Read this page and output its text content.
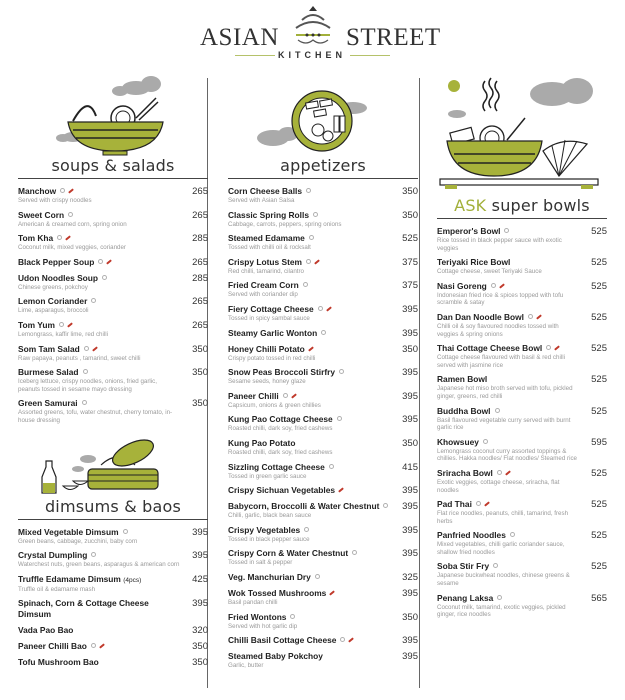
ASIAN	STREET
KITCHEN
soups & salads
Manchow	265
Served with crispy noodles
Sweet Corn	265
American & creamed corn, spring onion
Tom Kha	285
Coconut milk, mixed veggies, coriander
Black Pepper Soup	265
Udon Noodles Soup	285
Chinese greens, pokchoy
Lemon Coriander	265
Lime, asparagus, broccoli
Tom Yum	265
Lemongrass, kaffir lime, red chilli
Som Tam Salad	350
Raw papaya, peanuts , tamarind, sweet chilli
Burmese Salad	350
Iceberg lettuce, crispy noodles, onions, fried garlic, peanuts tossed in sesame mayo dressing
Green Samurai	350
Assorted greens, tofu, water chestnut, cherry tomato, in-house dressing
dimsums & baos
Mixed Vegetable Dimsum	395
Green beans, cabbage, zucchini, baby corn
Crystal Dumpling	395
Waterchest nuts, green beans, asparagus & american corn
Truffle Edamame Dimsum (4pcs)	425
Truffle oil & edamame mash
Spinach, Corn & Cottage Cheese Dimsum
395
Vada Pao Bao	320
Paneer Chilli Bao	350
Tofu Mushroom Bao	350
appetizers
Corn Cheese Balls	350
Served with Asian Salsa
Classic Spring Rolls	350
Cabbage, carrots, peppers, spring onions
Steamed Edamame	525
Tossed with chilli oil & rocksalt
Crispy Lotus Stem	375
Red chilli, tamarind, cilantro
Fried Cream Corn	375
Served with coriander dip
Fiery Cottage Cheese	395
Tossed in spicy sambal sauce
Steamy Garlic Wonton	395
Honey Chilli Potato	350
Crispy potato tossed in red chilli
Snow Peas Broccoli Stirfry	395
Sesame seeds, honey glaze
Paneer Chilli	395
Capsicum, onions & green chillies
Kung Pao Cottage Cheese	395
Roasted chilli, dark soy, fried cashews
Kung Pao Potato	350
Roasted chilli, dark soy, fried cashews
Sizzling Cottage Cheese	415
Tossed in green garlic sauce
Crispy Sichuan Vegetables	395
Babycorn, Broccolli & Water Chestnut	395
Chilli, garlic, black bean sauce
Crispy Vegetables	395
Tossed in black pepper sauce
Crispy Corn & Water Chestnut	395
Tossed in salt & pepper
Veg. Manchurian Dry	325
Wok Tossed Mushrooms	395
Basil pandan chilli
Fried Wontons	350
Served with hot garlic dip
Chilli Basil Cottage Cheese	395
Steamed Baby Pokchoy	395
Garlic, butter
ASK super bowls
Emperor's Bowl	525
Rice tossed in black pepper sauce with exotic veggies
Teriyaki Rice Bowl	525
Cottage cheese, sweet Teriyaki Sauce
Nasi Goreng	525
Indonesian fried rice & spices topped with tofu scramble & satay
Dan Dan Noodle Bowl	525
Chilli oil & soy flavoured noodles tossed with veggies & spring onions
Thai Cottage Cheese Bowl	525
Cottage cheese flavoured with basil & red chilli served with jasmine rice
Ramen Bowl	525
Japanese hot miso broth served with tofu, pickled ginger, greens, red chilli
Buddha Bowl	525
Basil flavoured vegetable curry served with burnt garlic rice
Khowsuey	595
Lemongrass coconut curry assorted toppings & chillies. Hakka noodles/ Flat noodles/ Steamed rice
Sriracha Bowl	525
Exotic veggies, cottage cheese, sriracha, flat noodles
Pad Thai	525
Flat rice noodles, peanuts, chilli, tamarind, fresh herbs
Panfried Noodles	525
Mixed vegetables, chilli garlic coriander sauce, shallow fried noodles
Soba Stir Fry	525
Japanese buckwheat noodles, chinese greens & sesame
Penang Laksa	565
Coconut milk, tamarind, exotic veggies, pickled ginger, rice noodles
